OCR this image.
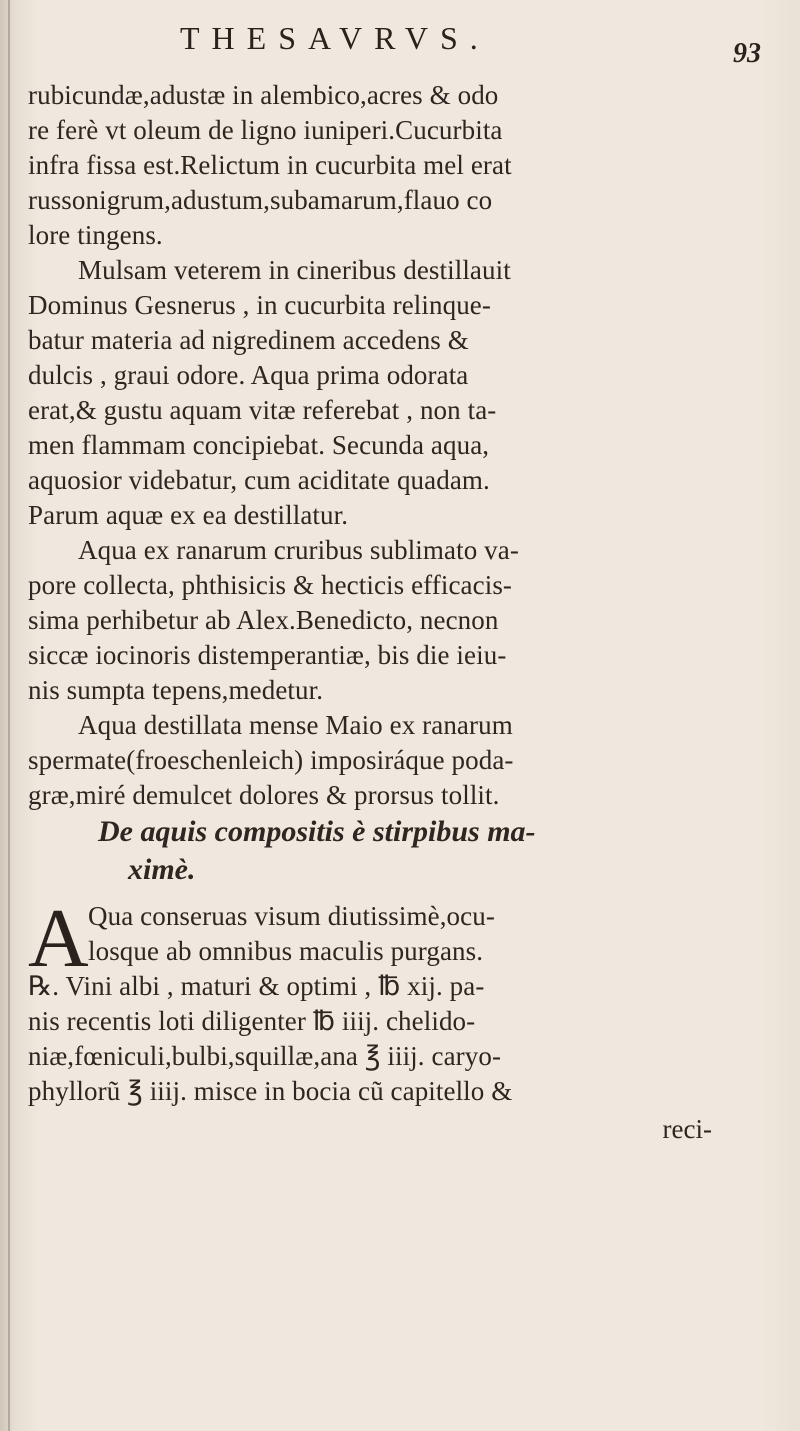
THESAVRVS.	93
rubicundæ,adustæ in alembico,acres & odo
re ferè vt oleum de ligno iuniperi.Cucurbita
infra fissa est.Relictum in cucurbita mel erat
russonigrum,adustum,subamarum,flauo co
lore tingens.
Mulsam veterem in cineribus destillauit
Dominus Gesnerus , in cucurbita relinque-
batur materia ad nigredinem accedens &
dulcis , graui odore. Aqua prima odorata
erat,& gustu aquam vitæ referebat , non ta-
men flammam concipiebat. Secunda aqua,
aquosior videbatur, cum aciditate quadam.
Parum aquæ ex ea destillatur.
Aqua ex ranarum cruribus sublimato va-
pore collecta, phthisicis & hecticis efficacis-
sima perhibetur ab Alex.Benedicto, necnon
siccæ iocinoris distemperantiæ, bis die ieiu-
nis sumpta tepens,medetur.
Aqua destillata mense Maio ex ranarum
spermate(froeschenleich) imposiráque poda-
græ,miré demulcet dolores & prorsus tollit.
De aquis compositis è stirpibus ma-
ximè.
A Qua conseruas visum diutissimè,ocu-
losque ab omnibus maculis purgans.
℞. Vini albi , maturi & optimi , ℔ xij. pa-
nis recentis loti diligenter ℔ iiij. chelido-
niæ,fœniculi,bulbi,squillæ,ana ℥ iiij. caryo-
phyllorũ ℥ iiij. misce in bocia cũ capitello &
reci-
